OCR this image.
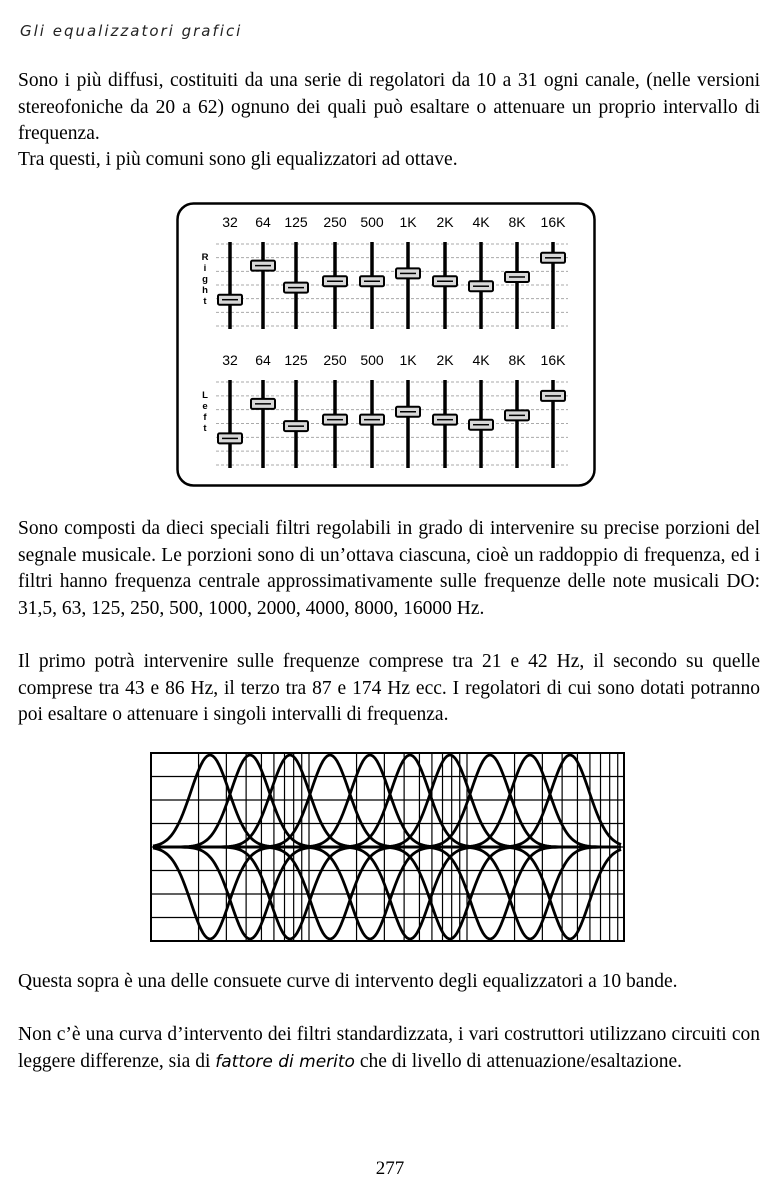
Gli equalizzatori grafici

Sono i più diffusi, costituiti da una serie di regolatori da 10 a 31 ogni canale, (nelle versioni stereofoniche da 20 a 62) ognuno dei quali può esaltare o attenuare un proprio intervallo di frequenza.

Tra questi, i più comuni sono gli equalizzatori ad ottave.

R i g h t
32 64 125 250 500 1K 2K 4K 8K 16K
L e f t
32 64 125 250 500 1K 2K 4K 8K 16K

Sono composti da dieci speciali filtri regolabili in grado di intervenire su precise porzioni del segnale musicale. Le porzioni sono di un’ottava ciascuna, cioè un raddoppio di frequenza, ed i filtri hanno frequenza centrale approssimativamente sulle frequenze delle note musicali DO: 31,5, 63, 125, 250, 500, 1000, 2000, 4000, 8000, 16000 Hz.

Il primo potrà intervenire sulle frequenze comprese tra 21 e 42 Hz, il secondo su quelle comprese tra 43 e 86 Hz, il terzo tra 87 e 174 Hz ecc. I regolatori di cui sono dotati potranno poi esaltare o attenuare i singoli intervalli di frequenza.

Questa sopra è una delle consuete curve di intervento degli equalizzatori a 10 bande.

Non c’è una curva d’intervento dei filtri standardizzata, i vari costruttori utilizzano circuiti con leggere differenze, sia di fattore di merito che di livello di attenuazione/esaltazione.

277
